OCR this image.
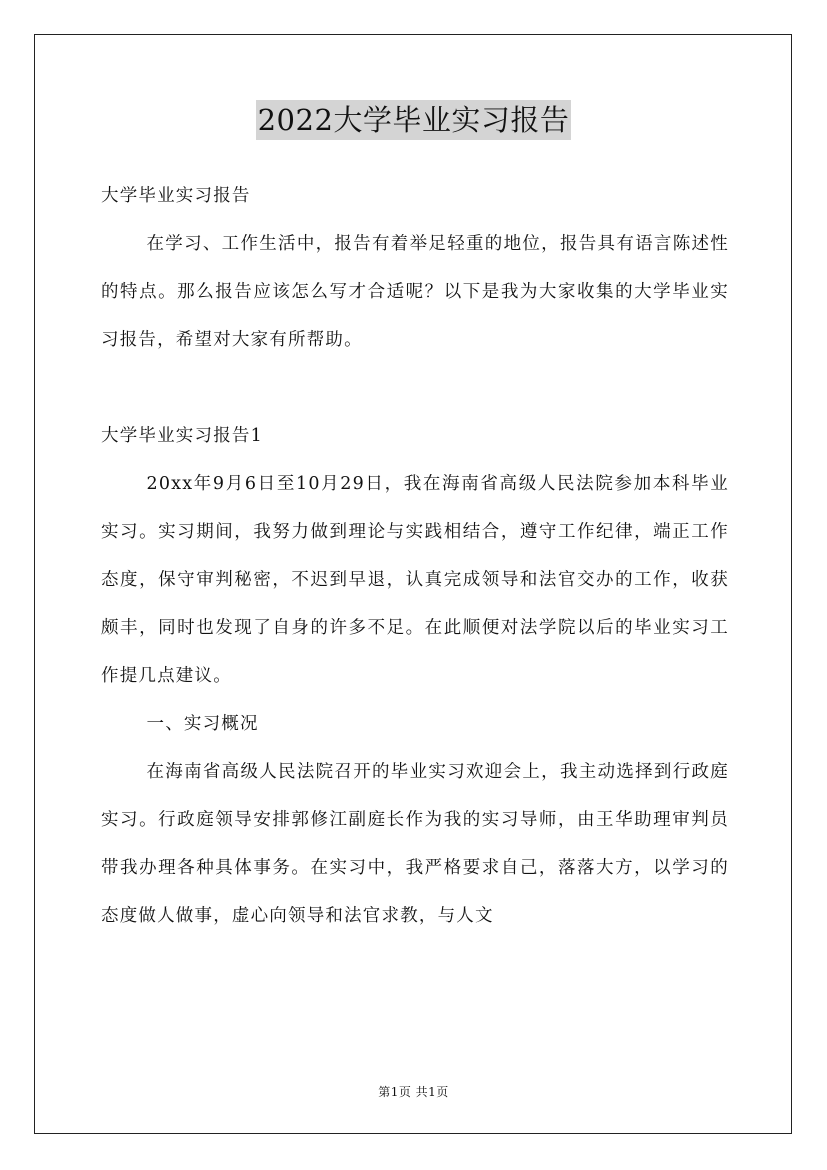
2022大学毕业实习报告

大学毕业实习报告

在学习、工作生活中，报告有着举足轻重的地位，报告具有语言陈述性的特点。那么报告应该怎么写才合适呢？以下是我为大家收集的大学毕业实习报告，希望对大家有所帮助。

大学毕业实习报告1

20xx年9月6日至10月29日，我在海南省高级人民法院参加本科毕业实习。实习期间，我努力做到理论与实践相结合，遵守工作纪律，端正工作态度，保守审判秘密，不迟到早退，认真完成领导和法官交办的工作，收获颇丰，同时也发现了自身的许多不足。在此顺便对法学院以后的毕业实习工作提几点建议。

一、实习概况

在海南省高级人民法院召开的毕业实习欢迎会上，我主动选择到行政庭实习。行政庭领导安排郭修江副庭长作为我的实习导师，由王华助理审判员带我办理各种具体事务。在实习中，我严格要求自己，落落大方，以学习的态度做人做事，虚心向领导和法官求教，与人文

第1页 共1页
